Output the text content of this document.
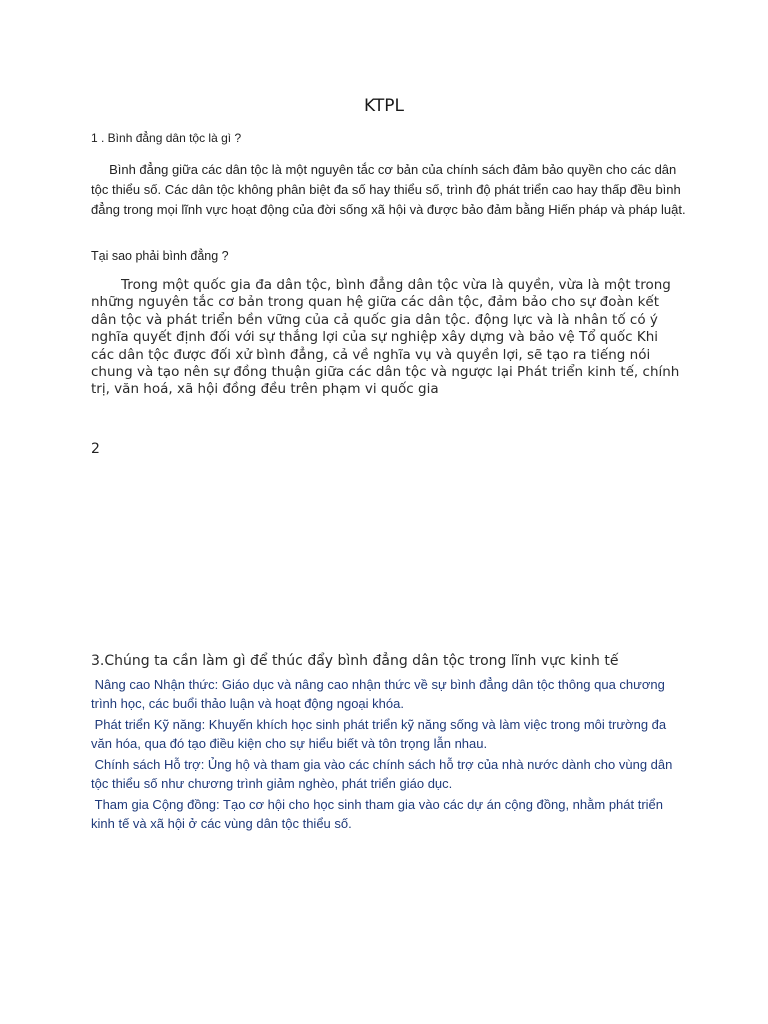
KTPL
1 . Bình đẳng dân tộc là gì ?

Bình đẳng giữa các dân tộc là một nguyên tắc cơ bản của chính sách đảm bảo quyền cho các dân tộc thiểu số. Các dân tộc không phân biệt đa số hay thiểu số, trình độ phát triển cao hay thấp đều bình đẳng trong mọi lĩnh vực hoạt động của đời sống xã hội và được bảo đảm bằng Hiến pháp và pháp luật.

Tại sao phải bình đẳng ?

Trong một quốc gia đa dân tộc, bình đẳng dân tộc vừa là quyền, vừa là một trong những nguyên tắc cơ bản trong quan hệ giữa các dân tộc, đảm bảo cho sự đoàn kết dân tộc và phát triển bền vững của cả quốc gia dân tộc. động lực và là nhân tố có ý nghĩa quyết định đối với sự thắng lợi của sự nghiệp xây dựng và bảo vệ Tổ quốc Khi các dân tộc được đối xử bình đẳng, cả về nghĩa vụ và quyền lợi, sẽ tạo ra tiếng nói chung và tạo nên sự đồng thuận giữa các dân tộc và ngược lại Phát triển kinh tế, chính trị, văn hoá, xã hội đồng đều trên phạm vi quốc gia

2
3.Chúng ta cần làm gì để thúc đẩy bình đẳng dân tộc trong lĩnh vực kinh tế
Nâng cao Nhận thức: Giáo dục và nâng cao nhận thức về sự bình đẳng dân tộc thông qua chương trình học, các buổi thảo luận và hoạt động ngoại khóa.
Phát triển Kỹ năng: Khuyến khích học sinh phát triển kỹ năng sống và làm việc trong môi trường đa văn hóa, qua đó tạo điều kiện cho sự hiểu biết và tôn trọng lẫn nhau.
Chính sách Hỗ trợ: Ủng hộ và tham gia vào các chính sách hỗ trợ của nhà nước dành cho vùng dân tộc thiểu số như chương trình giảm nghèo, phát triển giáo dục.
Tham gia Cộng đồng: Tạo cơ hội cho học sinh tham gia vào các dự án cộng đồng, nhằm phát triển kinh tế và xã hội ở các vùng dân tộc thiểu số.
